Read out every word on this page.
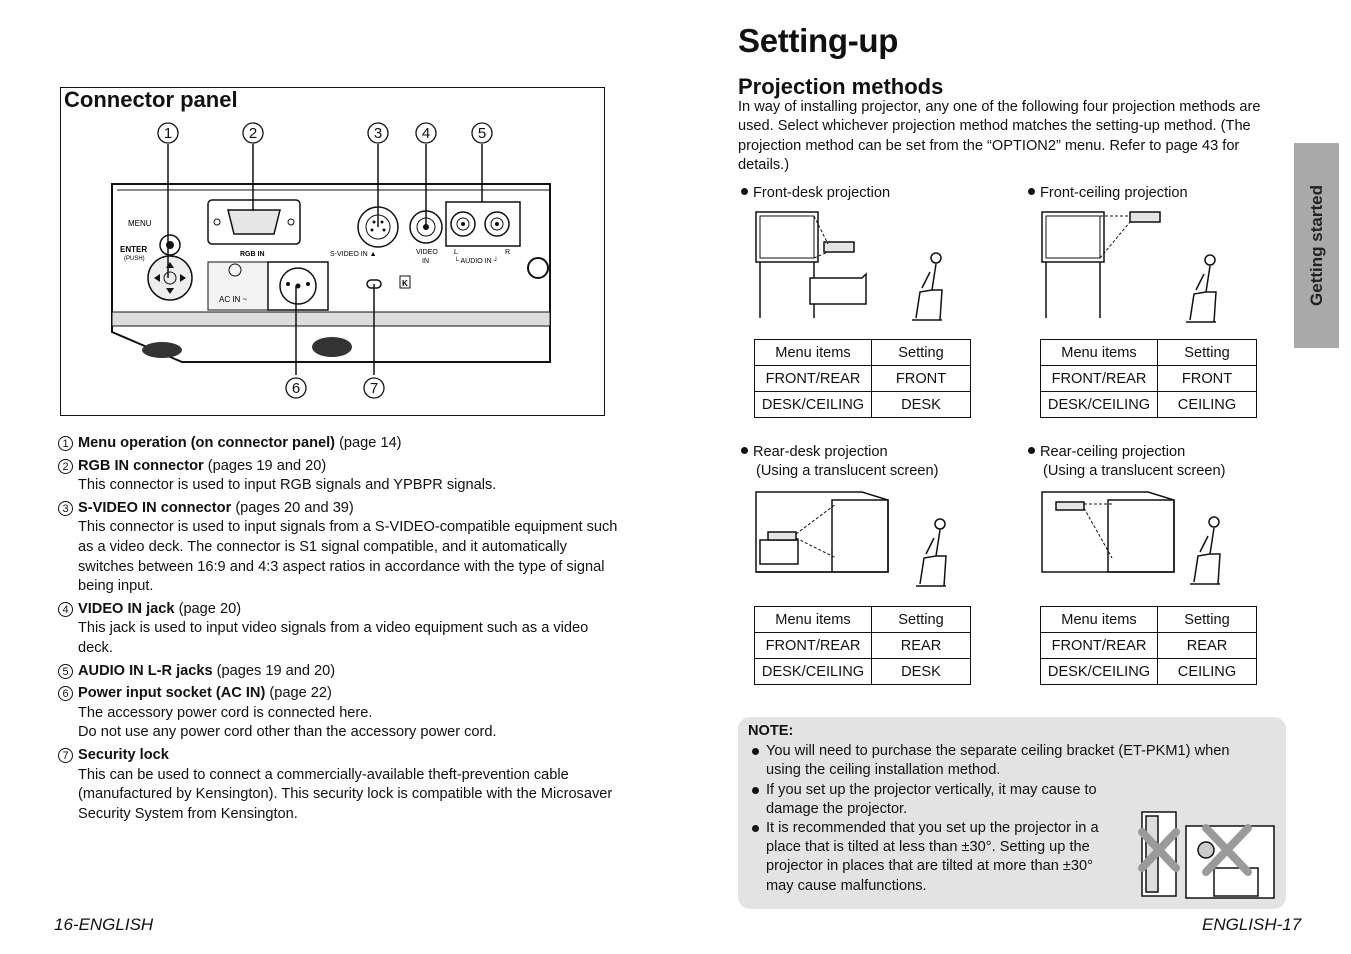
Connector panel
MENU
ENTER
(PUSH)
RGB IN
AC IN ~
S-VIDEO IN ▲	VIDEO
IN
L	R
└ AUDIO IN ┘
K
1	2	3	4	5
6	7
1 Menu operation (on connector panel) (page 14)
2 RGB IN connector (pages 19 and 20)
This connector is used to input RGB signals and YPBPR signals.
3 S-VIDEO IN connector (pages 20 and 39)
This connector is used to input signals from a S-VIDEO-compatible equipment such as a video deck. The connector is S1 signal compatible, and it automatically switches between 16:9 and 4:3 aspect ratios in accordance with the type of signal being input.
4 VIDEO IN jack (page 20)
This jack is used to input video signals from a video equipment such as a video deck.
5 AUDIO IN L-R jacks (pages 19 and 20)
6 Power input socket (AC IN) (page 22)
The accessory power cord is connected here.
Do not use any power cord other than the accessory power cord.
7 Security lock
This can be used to connect a commercially-available theft-prevention cable (manufactured by Kensington). This security lock is compatible with the Microsaver Security System from Kensington.
16-ENGLISH
Setting-up
Projection methods
In way of installing projector, any one of the following four projection methods are used. Select whichever projection method matches the setting-up method. (The projection method can be set from the “OPTION2” menu. Refer to page 43 for details.)
Front-desk projection
Menu items	Setting
FRONT/REAR	FRONT
DESK/CEILING	DESK
Front-ceiling projection
Menu items	Setting
FRONT/REAR	FRONT
DESK/CEILING	CEILING
Rear-desk projection
(Using a translucent screen)
Menu items	Setting
FRONT/REAR	REAR
DESK/CEILING	DESK
Rear-ceiling projection
(Using a translucent screen)
Menu items	Setting
FRONT/REAR	REAR
DESK/CEILING	CEILING
NOTE:
You will need to purchase the separate ceiling bracket (ET-PKM1) when using the ceiling installation method.
If you set up the projector vertically, it may cause to damage the projector.
It is recommended that you set up the projector in a place that is tilted at less than ±30°. Setting up the projector in places that are tilted at more than ±30° may cause malfunctions.
Getting started
ENGLISH-17
